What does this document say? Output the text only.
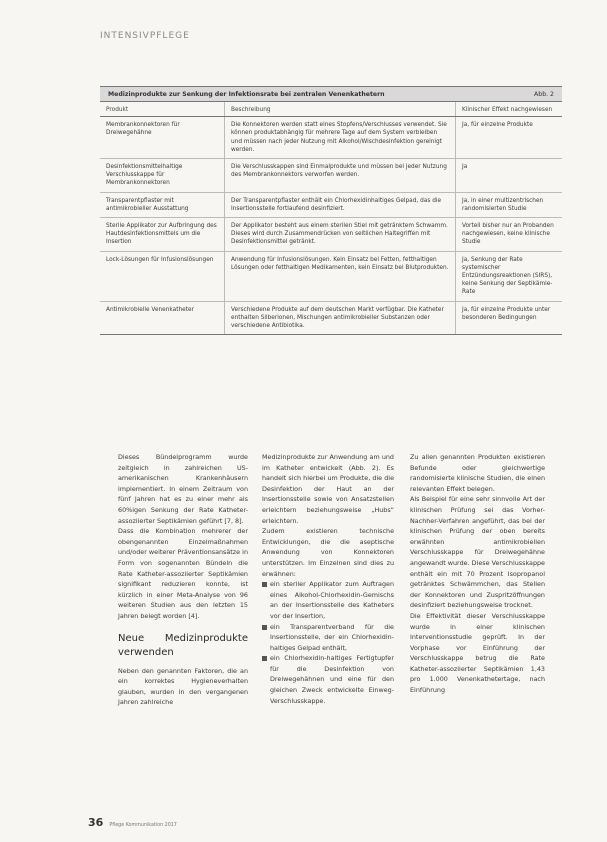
INTENSIVPFLEGE
Medizinprodukte zur Senkung der Infektionsrate bei zentralen Venenkathetern	Abb. 2
Produkt	Beschreibung	Klinischer Effekt nachgewiesen
Membrankonnektoren für Dreiwegehähne	Die Konnektoren werden statt eines Stopfens/Verschlusses verwendet. Sie können produktabhängig für mehrere Tage auf dem System verbleiben und müssen nach jeder Nutzung mit Alkohol/Wischdesinfektion gereinigt werden.	Ja, für einzelne Produkte
Desinfektionsmittelhaltige Verschlusskappe für Membrankonnektoren	Die Verschlusskappen sind Einmalprodukte und müssen bei jeder Nutzung des Membrankonnektors verworfen werden.	Ja
Transparentpflaster mit antimikrobieller Ausstattung	Der Transparentpflaster enthält ein Chlorhexidinhaltiges Gelpad, das die Insertionsstelle fortlaufend desinfiziert.	Ja, in einer multizentrischen randomisierten Studie
Sterile Applikator zur Aufbringung des Hautdesinfektionsmittels um die Insertion	Der Applikator besteht aus einem sterilen Stiel mit getränktem Schwamm. Dieses wird durch Zusammendrücken von seitlichen Haltegriffen mit Desinfektionsmittel getränkt.	Vorteil bisher nur an Probanden nachgewiesen, keine klinische Studie
Lock-Lösungen für Infusionslösungen	Anwendung für Infusionslösungen. Kein Einsatz bei Fetten, fetthaltigen Lösungen oder fetthaltigen Medikamenten, kein Einsatz bei Blutprodukten.	Ja, Senkung der Rate systemischer Entzündungsreaktionen (SIRS), keine Senkung der Septikämie-Rate
Antimikrobielle Venenkatheter	Verschiedene Produkte auf dem deutschen Markt verfügbar. Die Katheter enthalten Silberionen, Mischungen antimikrobieller Substanzen oder verschiedene Antibiotika.	Ja, für einzelne Produkte unter besonderen Bedingungen

Dieses Bündelprogramm wurde zeitgleich in zahlreichen US-amerikanischen Krankenhäusern implementiert. In einem Zeitraum von fünf Jahren hat es zu einer mehr als 60%igen Senkung der Rate Katheter-assoziierter Septikämien geführt [7, 8].

Dass die Kombination mehrerer der obengenannten Einzelmaßnahmen und/oder weiterer Präventionsansätze in Form von sogenannten Bündeln die Rate Katheter-assoziierter Septikämien signifikant reduzieren konnte, ist kürzlich in einer Meta-Analyse von 96 weiteren Studien aus den letzten 15 Jahren belegt worden [4].

Neue Medizinprodukte verwenden

Neben den genannten Faktoren, die an ein korrektes Hygieneverhalten glauben, wurden in den vergangenen Jahren zahlreiche

Medizinprodukte zur Anwendung am und im Katheter entwickelt (Abb. 2). Es handelt sich hierbei um Produkte, die die Desinfektion der Haut an der Insertionsstelle sowie von Ansatzstellen erleichtern beziehungsweise „Hubs“ erleichtern.

Zudem existieren technische Entwicklungen, die die aseptische Anwendung von Konnektoren unterstützen. Im Einzelnen sind dies zu erwähnen:

ein steriler Applikator zum Auftragen eines Alkohol-Chlorhexidin-Gemischs an der Insertionsstelle des Katheters vor der Insertion,
ein Transparentverband für die Insertionsstelle, der ein Chlorhexidin-haltiges Gelpad enthält,
ein Chlorhexidin-haltiges Fertigtupfer für die Desinfektion von Dreiwegehähnen und eine für den gleichen Zweck entwickelte Einweg-Verschlusskappe.

Zu allen genannten Produkten existieren Befunde oder gleichwertige randomisierte klinische Studien, die einen relevanten Effekt belegen.

Als Beispiel für eine sehr sinnvolle Art der klinischen Prüfung sei das Vorher-Nachher-Verfahren angeführt, das bei der klinischen Prüfung der oben bereits erwähnten antimikrobiellen Verschlusskappe für Dreiwegehähne angewandt wurde. Diese Verschlusskappe enthält ein mit 70 Prozent Isopropanol getränktes Schwämmchen, das Stellen der Konnektoren und Zuspritzöffnungen desinfiziert beziehungsweise trocknet.

Die Effektivität dieser Verschlusskappe wurde in einer klinischen Interventionsstudie geprüft. In der Vorphase vor Einführung der Verschlusskappe betrug die Rate Katheter-assoziierter Septikämien 1,43 pro 1.000 Venenkathetertage, nach Einführung

36 Pflege Kommunikation 2017
